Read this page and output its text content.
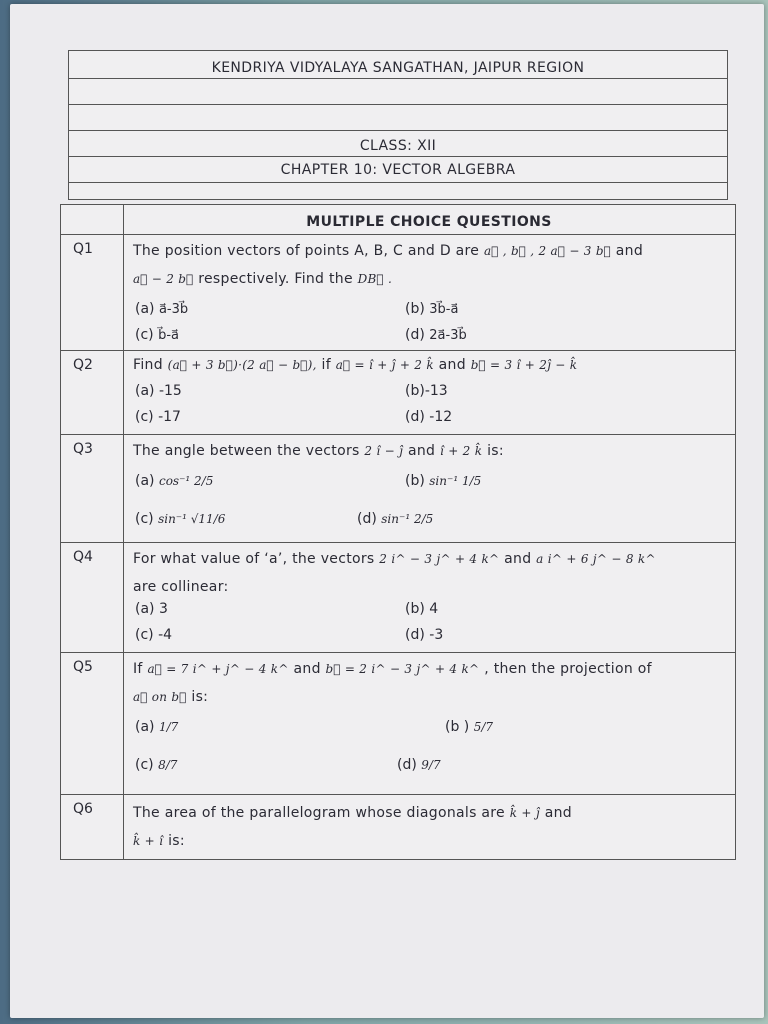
KENDRIYA VIDYALAYA SANGATHAN, JAIPUR REGION
CLASS: XII
CHAPTER 10: VECTOR ALGEBRA
MULTIPLE CHOICE QUESTIONS
Q1	The position vectors of points A, B, C and D are a⃗ , b⃗ , 2 a⃗ − 3 b⃗ and
a⃗ − 2 b⃗ respectively. Find the DB⃗ .
(a) a⃗-3b⃗	(b) 3b⃗-a⃗
(c) b⃗-a⃗	(d) 2a⃗-3b⃗
Q2	Find (a⃗ + 3 b⃗)·(2 a⃗ − b⃗), if a⃗ = î + ĵ + 2 k̂ and b⃗ = 3 î + 2ĵ − k̂
(a) -15	(b)-13
(c) -17	(d) -12
Q3	The angle between the vectors 2 î − ĵ and î + 2 k̂ is:
(a) cos⁻¹ 2/5	(b) sin⁻¹ 1/5
(c) sin⁻¹ √11/6	(d) sin⁻¹ 2/5
Q4	For what value of ‘a’, the vectors 2 i^ − 3 j^ + 4 k^ and a i^ + 6 j^ − 8 k^
are collinear:
(a) 3	(b) 4
(c) -4	(d) -3
Q5	If a⃗ = 7 i^ + j^ − 4 k^ and b⃗ = 2 i^ − 3 j^ + 4 k^ , then the projection of
a⃗ on b⃗ is:
(a) 1/7	(b ) 5/7
(c) 8/7	(d) 9/7
Q6	The area of the parallelogram whose diagonals are k̂ + ĵ and
k̂ + î is:
